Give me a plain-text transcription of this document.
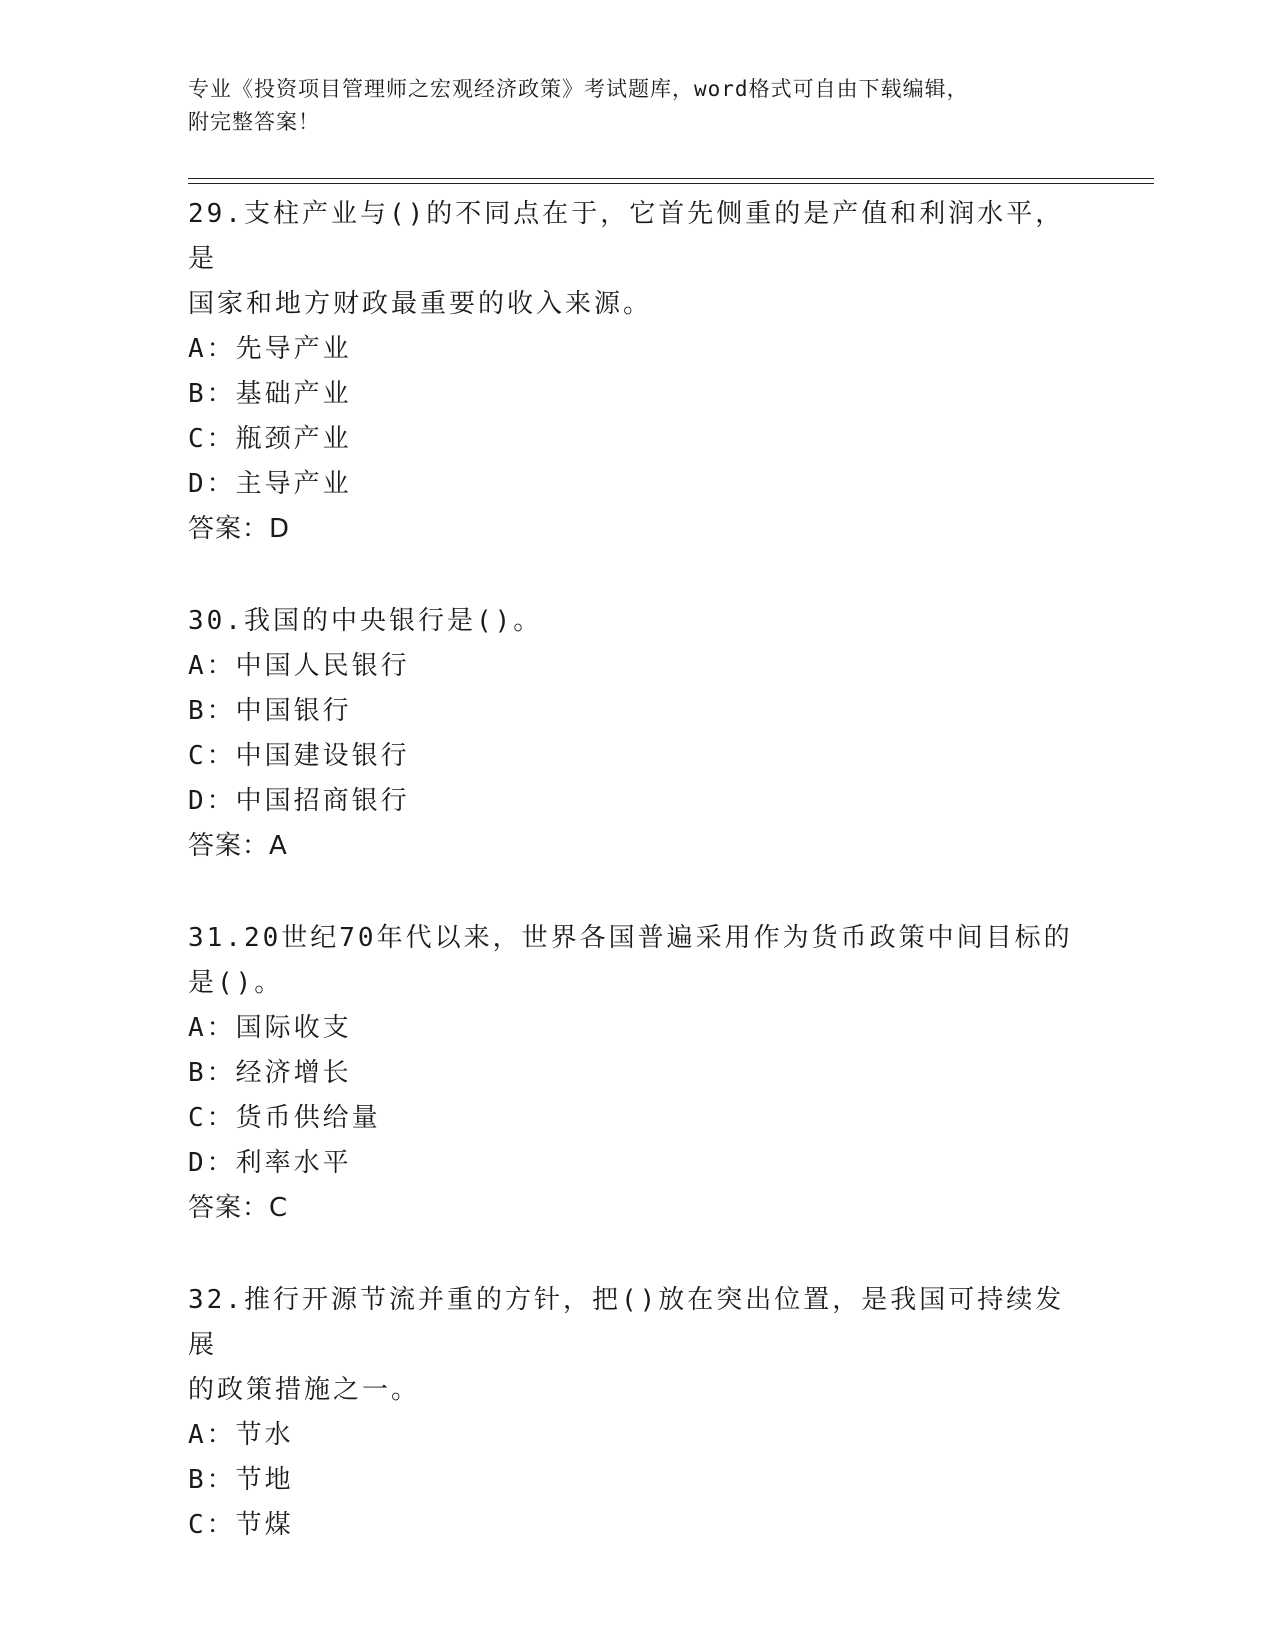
专业《投资项目管理师之宏观经济政策》考试题库，word格式可自由下载编辑，
附完整答案！

29.支柱产业与()的不同点在于，它首先侧重的是产值和利润水平，是

国家和地方财政最重要的收入来源。

A：先导产业

B：基础产业

C：瓶颈产业

D：主导产业

答案：D

30.我国的中央银行是()。

A：中国人民银行

B：中国银行

C：中国建设银行

D：中国招商银行

答案：A

31.20世纪70年代以来，世界各国普遍采用作为货币政策中间目标的

是()。

A：国际收支

B：经济增长

C：货币供给量

D：利率水平

答案：C

32.推行开源节流并重的方针，把()放在突出位置，是我国可持续发展

的政策措施之一。

A：节水

B：节地

C：节煤
